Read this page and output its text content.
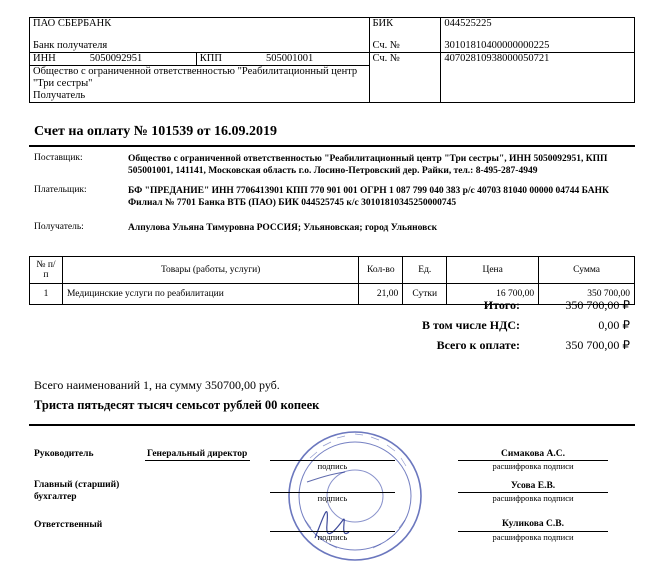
ПАО СБЕРБАНК		БИК	044525225
Банк получателя		Сч. №	30101810400000000225
ИНН 5050092951	КПП 505001001	Сч. №	40702810938000050721

Общество с ограниченной ответственностью "Реабилитационный центр "Три сестры"
Получатель			
Счет на оплату № 101539 от 16.09.2019
Поставщик:	Общество с ограниченной ответственностью "Реабилитационный центр "Три сестры", ИНН 5050092951, КПП 505001001, 141141, Московская область г.о. Лосино-Петровский дер. Райки, тел.: 8-495-287-4949
Плательщик:	БФ "ПРЕДАНИЕ" ИНН 7706413901 КПП 770 901 001 ОГРН 1 087 799 040 383 р/с 40703 81040 00000 04744 БАНК Филиал № 7701 Банка ВТБ (ПАО) БИК 044525745 к/с 30101810345250000745
Получатель:	Алпулова Ульяна Тимуровна РОССИЯ; Ульяновская; город Ульяновск
№ п/п	Товары (работы, услуги)	Кол-во	Ед.	Цена	Сумма
1	Медицинские услуги по реабилитации	21,00	Сутки	16 700,00	350 700,00
Итого:	350 700,00 ₽
В том числе НДС:	0,00 ₽
Всего к оплате:	350 700,00 ₽
Всего наименований 1, на сумму 350700,00 руб.
Триста пятьдесят тысяч семьсот рублей 00 копеек
Руководитель	Генеральный директор
подпись
Симакова А.С.
расшифровка подписи
Главный (старший)
бухгалтер	подпись
Усова Е.В.
расшифровка подписи
Ответственный
подпись
Куликова С.В.
расшифровка подписи
